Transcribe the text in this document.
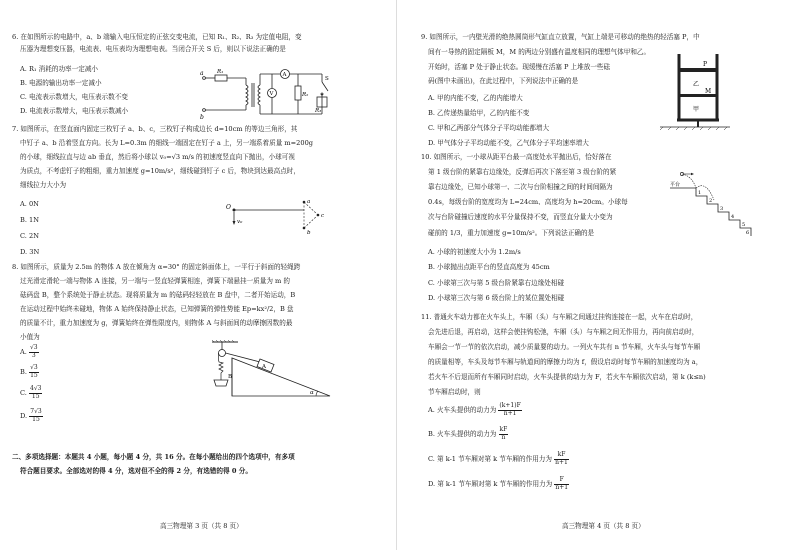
6. 在如图所示的电路中，a、b 端输入电压恒定的正弦交变电流，已知 R₁、R₂、R₃ 为定值电阻，变
压器为理想变压器，电流表、电压表均为理想电表。当闭合开关 S 后，则以下说法正确的是
A. R₁ 消耗的功率一定减小
B. 电源的输出功率一定减小
C. 电流表示数增大，电压表示数不变
D. 电流表示数增大，电压表示数减小
a
b
R₁
R₂
R₃
A
V
S
7. 如图所示，在竖直面内固定三枚钉子 a、b、c，三枚钉子构成边长 d=10cm 的等边三角形，其
中钉子 a、b 沿着竖直方向。长为 L=0.3m 的细线一端固定在钉子 a 上，另一端系着质量 m=200g
的小球，细线拉直与边 ab 垂直，然后将小球以 v₀=√3 m/s 的初速度竖直向下抛出，小球可视
为质点，不考虑钉子的粗细，重力加速度 g=10m/s²，细线碰到钉子 c 后，物块到达最高点时，
细线拉力大小为
A. 0N
B. 1N
C. 2N
D. 3N
O
v₀
a
b
c
8. 如图所示，质量为 2.5m 的物体 A 放在倾角为 α=30° 的固定斜面体上，一平行于斜面的轻绳跨
过光滑定滑轮一端与物体 A 连接，另一端与一竖直轻弹簧相连，弹簧下端悬挂一质量为 m 的
砝码盘 B，整个系统处于静止状态。现将质量为 m 的砝码轻轻放在 B 盘中，二者开始运动，B
在运动过程中始终未碰地，物体 A 始终保持静止状态，已知弹簧的弹性势能 Ep=kx²/2，B 盘
的质量不计，重力加速度为 g，弹簧始终在弹性限度内，则物体 A 与斜面间的动摩擦因数的最
小值为
A. $\frac{√3}{3}$
B. $\frac{√3}{15}$
C. $\frac{4√3}{15}$
D. $\frac{7√3}{15}$
A
B
α
二、多项选择题：本题共 4 小题，每小题 4 分，共 16 分。在每小题给出的四个选项中，有多项
符合题目要求。全部选对的得 4 分，选对但不全的得 2 分，有选错的得 0 分。
高三物理第 3 页（共 8 页）
9. 如图所示，一内壁光滑的绝热圆筒形气缸直立放置，气缸上端是可移动的绝热的轻活塞 P，中
间有一导热的固定隔板 M，M 的两边分别盛有温度相同的理想气体甲和乙。
开始时，活塞 P 处于静止状态。现缓慢在活塞 P 上堆放一些砝
码(图中未画出)，在此过程中，下列说法中正确的是
A. 甲的内能不变，乙的内能增大
B. 乙传递热量给甲，乙的内能不变
C. 甲和乙两部分气体分子平均动能都增大
D. 甲气体分子平均动能不变，乙气体分子平均速率增大
P
乙
M
甲
10. 如图所示，一小球从距平台最一高度处水平抛出后，恰好落在
第 1 级台阶的紧靠右边缘处，反弹后再次下落至第 3 级台阶的紧
靠右边缘处，已知小球第一、二次与台阶相撞之间的时间间隔为
0.4s，每级台阶的宽度均为 L=24cm、高度均为 h=20cm。小球每
次与台阶碰撞后速度的水平分量保持不变，而竖直分量大小变为
碰前的 1/3，重力加速度 g=10m/s²。下列说法正确的是
A. 小球的初速度大小为 1.2m/s
B. 小球抛出点距平台的竖直高度为 45cm
C. 小球第三次与第 5 级台阶紧靠右边缘处相碰
D. 小球第三次与第 6 级台阶上的某位置处相碰
平台
1
2
3
4
5
6
11. 普通火车动力都在火车头上，车厢（头）与车厢之间通过挂钩连接在一起，火车在启动时，
会先进后退，再启动，这样会使挂钩松弛，车厢（头）与车厢之间无作用力，再向前启动时，
车厢会一节一节的依次启动，减少质量要的动力。一列火车共有 n 节车厢，火车头与每节车厢
的质量相等，车头及每节车厢与轨道间的摩擦力均为 f，假设启动时每节车厢的加速度均为 a，
若火车不后退而所有车厢同时启动，火车头提供的动力为 F，若火车车厢依次启动，第 k (k≤n)
节车厢启动时，则
A. 火车头提供的动力为 $\frac{(k+1)F}{n+1}$
B. 火车头提供的动力为 $\frac{kF}{n}$
C. 第 k-1 节车厢对第 k 节车厢的作用力为 $\frac{kF}{n+1}$
D. 第 k-1 节车厢对第 k 节车厢的作用力为 $\frac{F}{n+1}$
高三物理第 4 页（共 8 页）
